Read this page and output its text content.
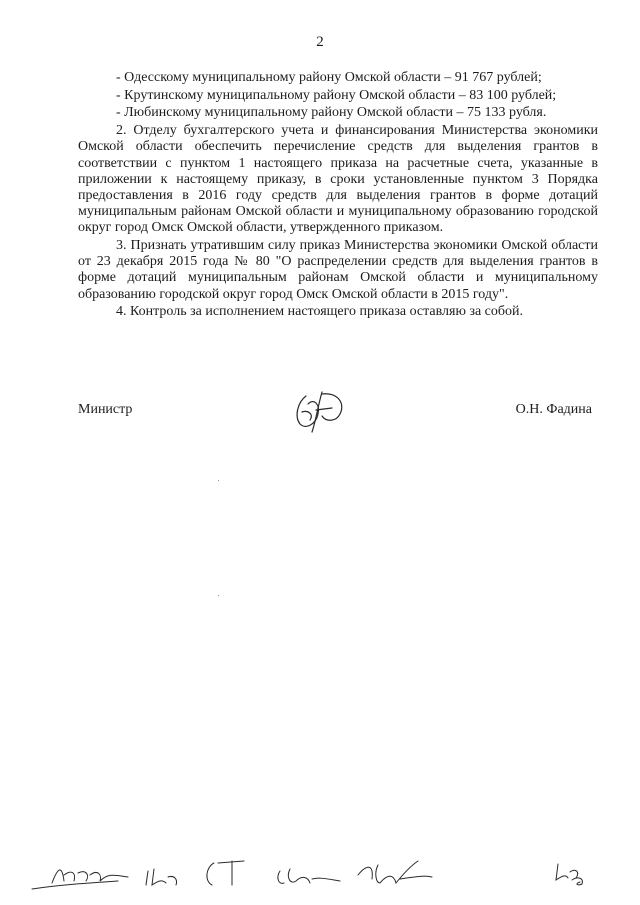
2

- Одесскому муниципальному району Омской области – 91 767 рублей;

- Крутинскому муниципальному району Омской области – 83 100 рублей;

- Любинскому муниципальному району Омской области – 75 133 рубля.

2. Отделу бухгалтерского учета и финансирования Министерства экономики Омской области обеспечить перечисление средств для выделения грантов в соответствии с пунктом 1 настоящего приказа на расчетные счета, указанные в приложении к настоящему приказу, в сроки установленные пунктом 3 Порядка предоставления в 2016 году средств для выделения грантов в форме дотаций муниципальным районам Омской области и муниципальному образованию городской округ город Омск Омской области, утвержденного приказом.

3. Признать утратившим силу приказ Министерства экономики Омской области от 23 декабря 2015 года № 80 "О распределении средств для выделения грантов в форме дотаций муниципальным районам Омской области и муниципальному образованию городской округ город Омск Омской области в 2015 году".

4. Контроль за исполнением настоящего приказа оставляю за собой.

Министр	О.Н. Фадина
